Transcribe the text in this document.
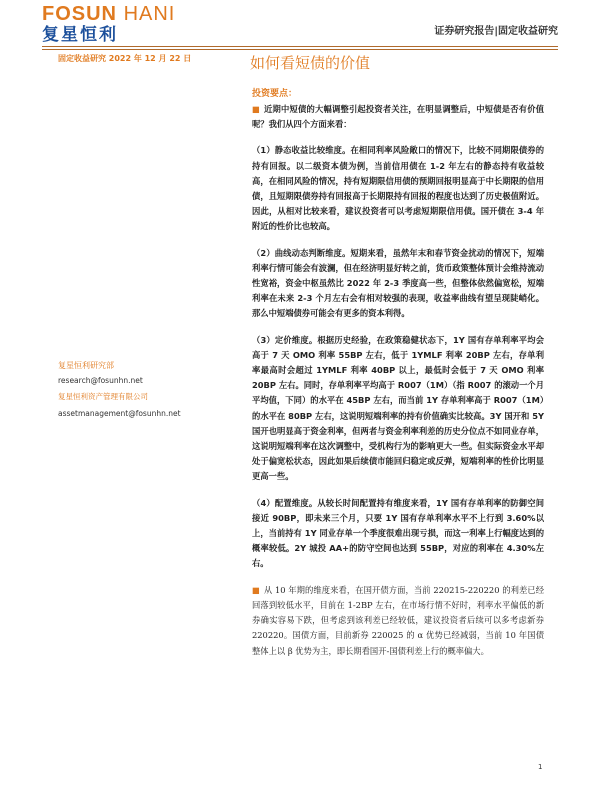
FOSUN HANI
复星恒利	证券研究报告|固定收益研究
固定收益研究 2022 年 12 月 22 日	如何看短债的价值
复星恒利研究部
research@fosunhn.net
复星恒利资产管理有限公司
assetmanagement@fosunhn.net
投资要点：

■ 近期中短债的大幅调整引起投资者关注，在明显调整后，中短债是否有价值呢？我们从四个方面来看：

（1）静态收益比较维度。在相同利率风险敞口的情况下，比较不同期限债券的持有回报。以二级资本债为例，当前信用债在 1-2 年左右的静态持有收益较高，在相同风险的情况，持有短期限信用债的预期回报明显高于中长期限的信用债，且短期限债券持有回报高于长期限持有回报的程度也达到了历史极值附近。因此，从相对比较来看，建议投资者可以考虑短期限信用债。国开债在 3-4 年附近的性价比也较高。

（2）曲线动态判断维度。短期来看，虽然年末和春节资金扰动的情况下，短端利率行情可能会有波澜，但在经济明显好转之前，货币政策整体预计会维持流动性宽裕，资金中枢虽然比 2022 年 2-3 季度高一些，但整体依然偏宽松，短端利率在未来 2-3 个月左右会有相对较强的表现，收益率曲线有望呈现陡峭化。那么中短端债券可能会有更多的资本利得。

（3）定价维度。根据历史经验，在政策稳健状态下，1Y 国有存单利率平均会高于 7 天 OMO 利率 55BP 左右，低于 1YMLF 利率 20BP 左右，存单利率最高时会超过 1YMLF 利率 40BP 以上，最低时会低于 7 天 OMO 利率 20BP 左右。同时，存单利率平均高于 R007（1M）（指 R007 的滚动一个月平均值，下同）的水平在 45BP 左右，而当前 1Y 存单利率高于 R007（1M）的水平在 80BP 左右，这说明短端利率的持有价值确实比较高。3Y 国开和 5Y 国开也明显高于资金利率，但两者与资金利率利差的历史分位点不如同业存单，这说明短端利率在这次调整中，受机构行为的影响更大一些。但实际资金水平却处于偏宽松状态，因此如果后续债市能回归稳定或反弹，短端利率的性价比明显更高一些。

（4）配置维度。从较长时间配置持有维度来看，1Y 国有存单利率的防御空间接近 90BP，即未来三个月，只要 1Y 国有存单利率水平不上行到 3.60%以上，当前持有 1Y 同业存单一个季度很难出现亏损，而这一利率上行幅度达到的概率较低。2Y 城投 AA+的防守空间也达到 55BP，对应的利率在 4.30%左右。

■ 从 10 年期的维度来看，在国开债方面，当前 220215-220220 的利差已经回落到较低水平，目前在 1-2BP 左右，在市场行情不好时，利率水平偏低的新券确实容易下跌，但考虑到该利差已经较低，建议投资者后续可以多考虑新券 220220。国债方面，目前新券 220025 的 α 优势已经减弱，当前 10 年国债整体上以 β 优势为主，即长期看国开-国债利差上行的概率偏大。

1
